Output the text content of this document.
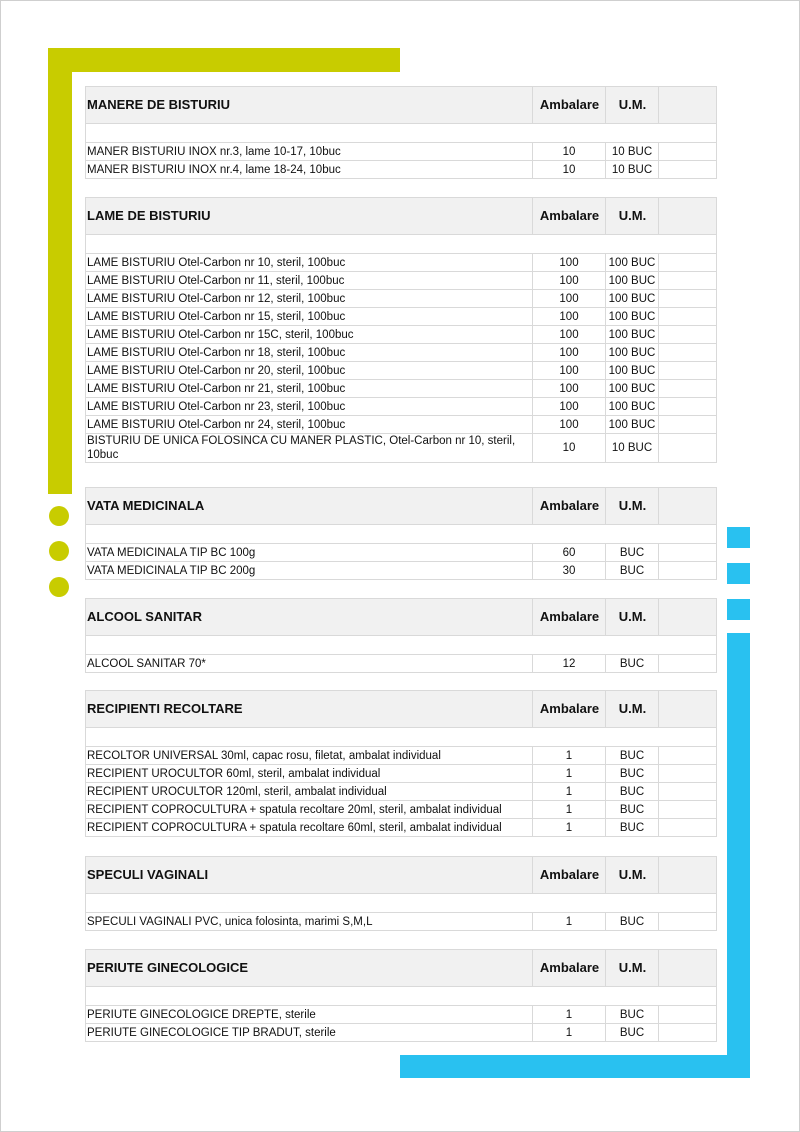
MANERE DE BISTURIU	Ambalare	U.M.	

MANER BISTURIU INOX nr.3, lame 10-17, 10buc	10	10 BUC	
MANER BISTURIU INOX nr.4, lame 18-24, 10buc	10	10 BUC	
LAME DE BISTURIU	Ambalare	U.M.	

LAME BISTURIU Otel-Carbon nr 10, steril, 100buc	100	100 BUC	
LAME BISTURIU Otel-Carbon nr 11, steril, 100buc	100	100 BUC	
LAME BISTURIU Otel-Carbon nr 12, steril, 100buc	100	100 BUC	
LAME BISTURIU Otel-Carbon nr 15, steril, 100buc	100	100 BUC	
LAME BISTURIU Otel-Carbon nr 15C, steril, 100buc	100	100 BUC	
LAME BISTURIU Otel-Carbon nr 18, steril, 100buc	100	100 BUC	
LAME BISTURIU Otel-Carbon nr 20, steril, 100buc	100	100 BUC	
LAME BISTURIU Otel-Carbon nr 21, steril, 100buc	100	100 BUC	
LAME BISTURIU Otel-Carbon nr 23, steril, 100buc	100	100 BUC	
LAME BISTURIU Otel-Carbon nr 24, steril, 100buc	100	100 BUC	
BISTURIU DE UNICA FOLOSINCA CU MANER PLASTIC, Otel-Carbon nr 10, steril, 10buc	10	10 BUC	
VATA MEDICINALA	Ambalare	U.M.	

VATA MEDICINALA TIP BC 100g	60	BUC	
VATA MEDICINALA TIP BC 200g	30	BUC	
ALCOOL SANITAR	Ambalare	U.M.	

ALCOOL SANITAR 70*	12	BUC	
RECIPIENTI RECOLTARE	Ambalare	U.M.	

RECOLTOR UNIVERSAL 30ml, capac rosu, filetat, ambalat individual	1	BUC	
RECIPIENT UROCULTOR 60ml, steril, ambalat individual	1	BUC	
RECIPIENT UROCULTOR 120ml, steril, ambalat individual	1	BUC	
RECIPIENT COPROCULTURA + spatula recoltare 20ml, steril, ambalat individual	1	BUC	
RECIPIENT COPROCULTURA + spatula recoltare 60ml, steril, ambalat individual	1	BUC	
SPECULI VAGINALI	Ambalare	U.M.	

SPECULI VAGINALI PVC, unica folosinta, marimi S,M,L	1	BUC	
PERIUTE GINECOLOGICE	Ambalare	U.M.	

PERIUTE GINECOLOGICE DREPTE, sterile	1	BUC	
PERIUTE GINECOLOGICE TIP BRADUT, sterile	1	BUC	
